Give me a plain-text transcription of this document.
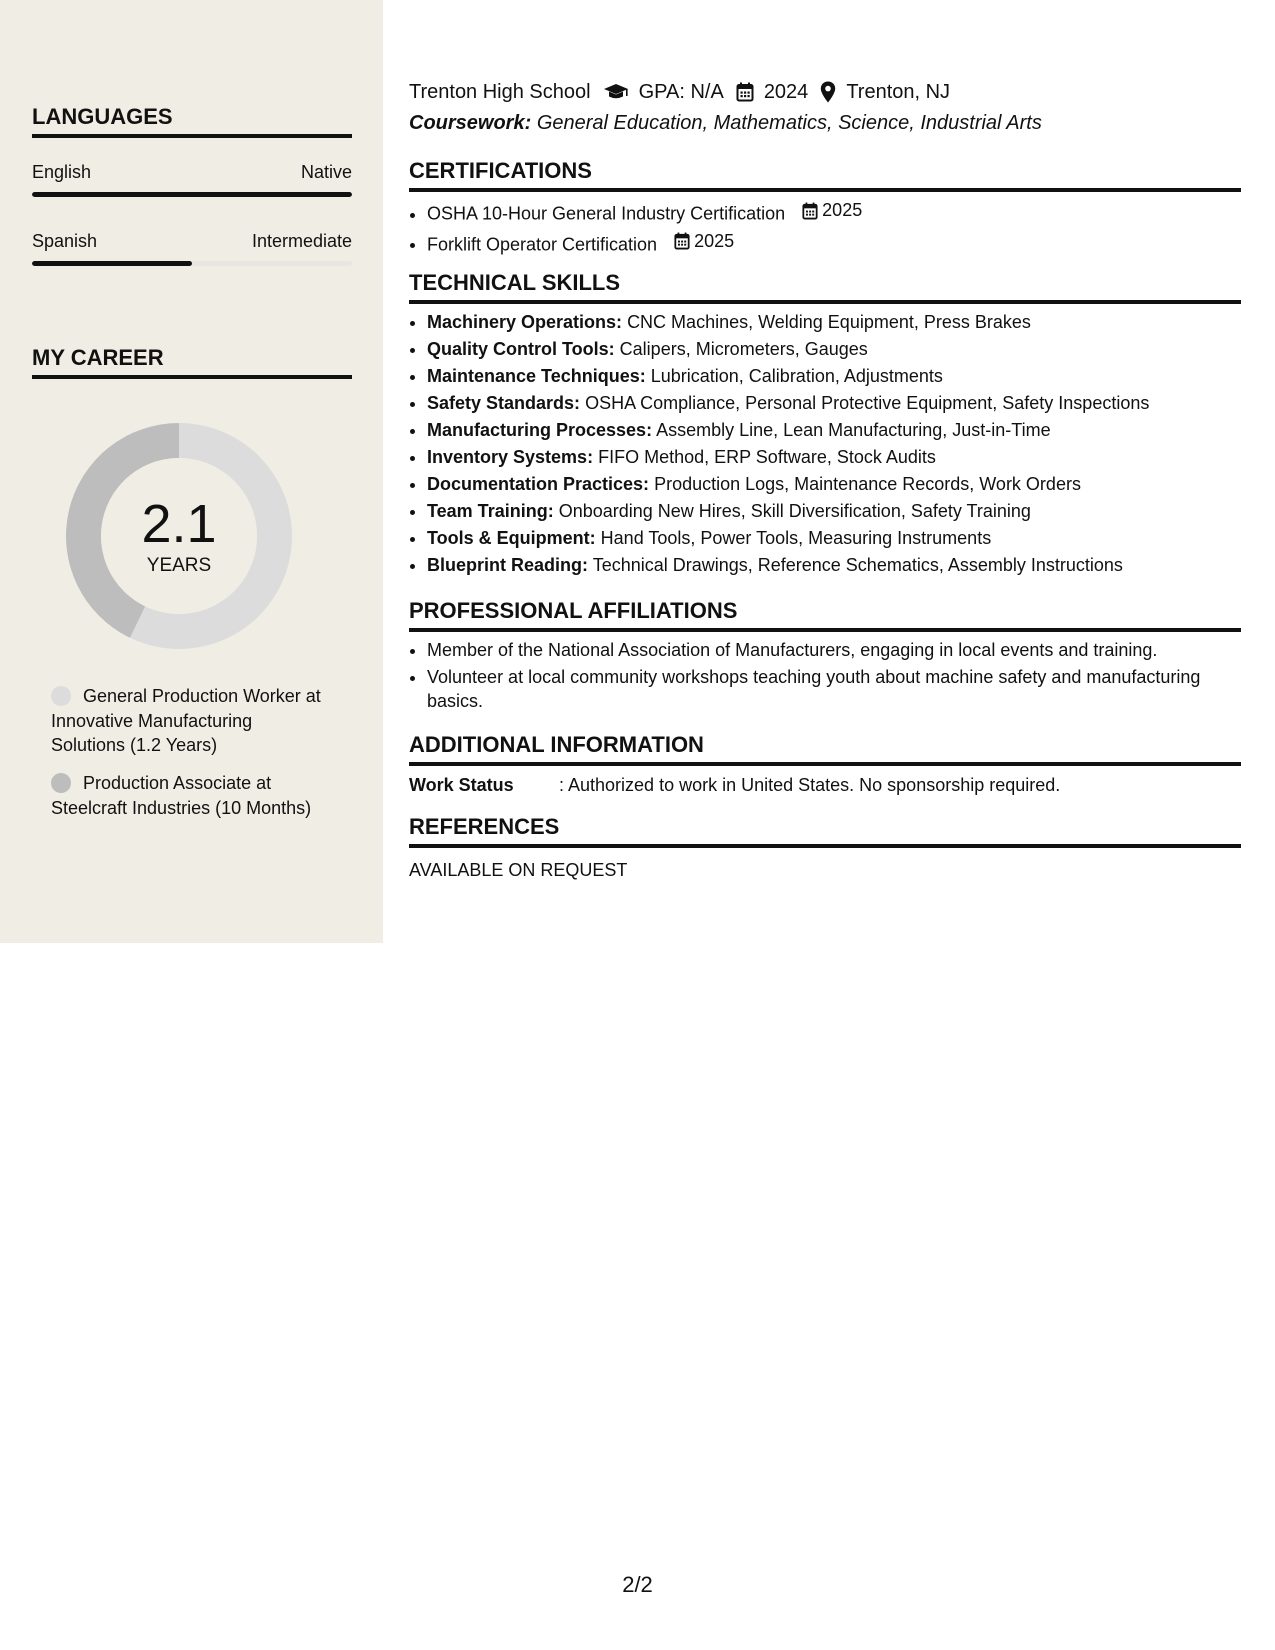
LANGUAGES
English	Native
Spanish	Intermediate
MY CAREER
2.1
YEARS
General Production Worker at Innovative Manufacturing Solutions (1.2 Years)
Production Associate at Steelcraft Industries (10 Months)
Trenton High School GPA: N/A 2024 Trenton, NJ
Coursework: General Education, Mathematics, Science, Industrial Arts
CERTIFICATIONS
• OSHA 10-Hour General Industry Certification 2025
• Forklift Operator Certification 2025
TECHNICAL SKILLS
• Machinery Operations: CNC Machines, Welding Equipment, Press Brakes
• Quality Control Tools: Calipers, Micrometers, Gauges
• Maintenance Techniques: Lubrication, Calibration, Adjustments
• Safety Standards: OSHA Compliance, Personal Protective Equipment, Safety Inspections
• Manufacturing Processes: Assembly Line, Lean Manufacturing, Just-in-Time
• Inventory Systems: FIFO Method, ERP Software, Stock Audits
• Documentation Practices: Production Logs, Maintenance Records, Work Orders
• Team Training: Onboarding New Hires, Skill Diversification, Safety Training
• Tools & Equipment: Hand Tools, Power Tools, Measuring Instruments
• Blueprint Reading: Technical Drawings, Reference Schematics, Assembly Instructions
PROFESSIONAL AFFILIATIONS
• Member of the National Association of Manufacturers, engaging in local events and training.
• Volunteer at local community workshops teaching youth about machine safety and manufacturing basics.
ADDITIONAL INFORMATION
Work Status	: Authorized to work in United States. No sponsorship required.
REFERENCES
AVAILABLE ON REQUEST
2/2
